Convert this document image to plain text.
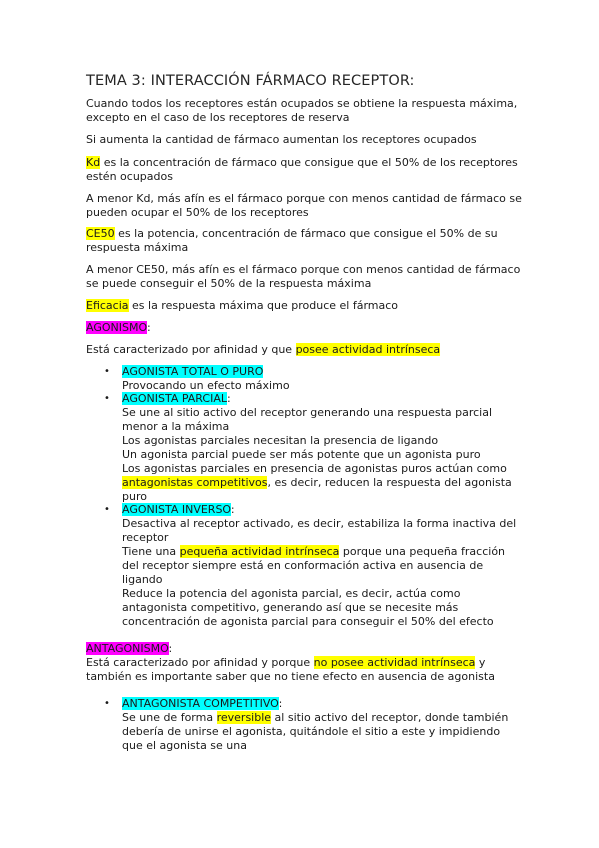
TEMA 3: INTERACCIÓN FÁRMACO RECEPTOR:

Cuando todos los receptores están ocupados se obtiene la respuesta máxima, excepto en el caso de los receptores de reserva

Si aumenta la cantidad de fármaco aumentan los receptores ocupados

Kd es la concentración de fármaco que consigue que el 50% de los receptores estén ocupados

A menor Kd, más afín es el fármaco porque con menos cantidad de fármaco se pueden ocupar el 50% de los receptores

CE50 es la potencia, concentración de fármaco que consigue el 50% de su respuesta máxima

A menor CE50, más afín es el fármaco porque con menos cantidad de fármaco se puede conseguir el 50% de la respuesta máxima

Eficacia es la respuesta máxima que produce el fármaco

AGONISMO:

Está caracterizado por afinidad y que posee actividad intrínseca

• AGONISTA TOTAL O PURO

Provocando un efecto máximo

• AGONISTA PARCIAL:

Se une al sitio activo del receptor generando una respuesta parcial menor a la máxima

Los agonistas parciales necesitan la presencia de ligando

Un agonista parcial puede ser más potente que un agonista puro

Los agonistas parciales en presencia de agonistas puros actúan como antagonistas competitivos, es decir, reducen la respuesta del agonista puro

• AGONISTA INVERSO:

Desactiva al receptor activado, es decir, estabiliza la forma inactiva del receptor

Tiene una pequeña actividad intrínseca porque una pequeña fracción del receptor siempre está en conformación activa en ausencia de ligando

Reduce la potencia del agonista parcial, es decir, actúa como antagonista competitivo, generando así que se necesite más concentración de agonista parcial para conseguir el 50% del efecto

ANTAGONISMO:

Está caracterizado por afinidad y porque no posee actividad intrínseca y también es importante saber que no tiene efecto en ausencia de agonista

• ANTAGONISTA COMPETITIVO:

Se une de forma reversible al sitio activo del receptor, donde también debería de unirse el agonista, quitándole el sitio a este y impidiendo que el agonista se una
